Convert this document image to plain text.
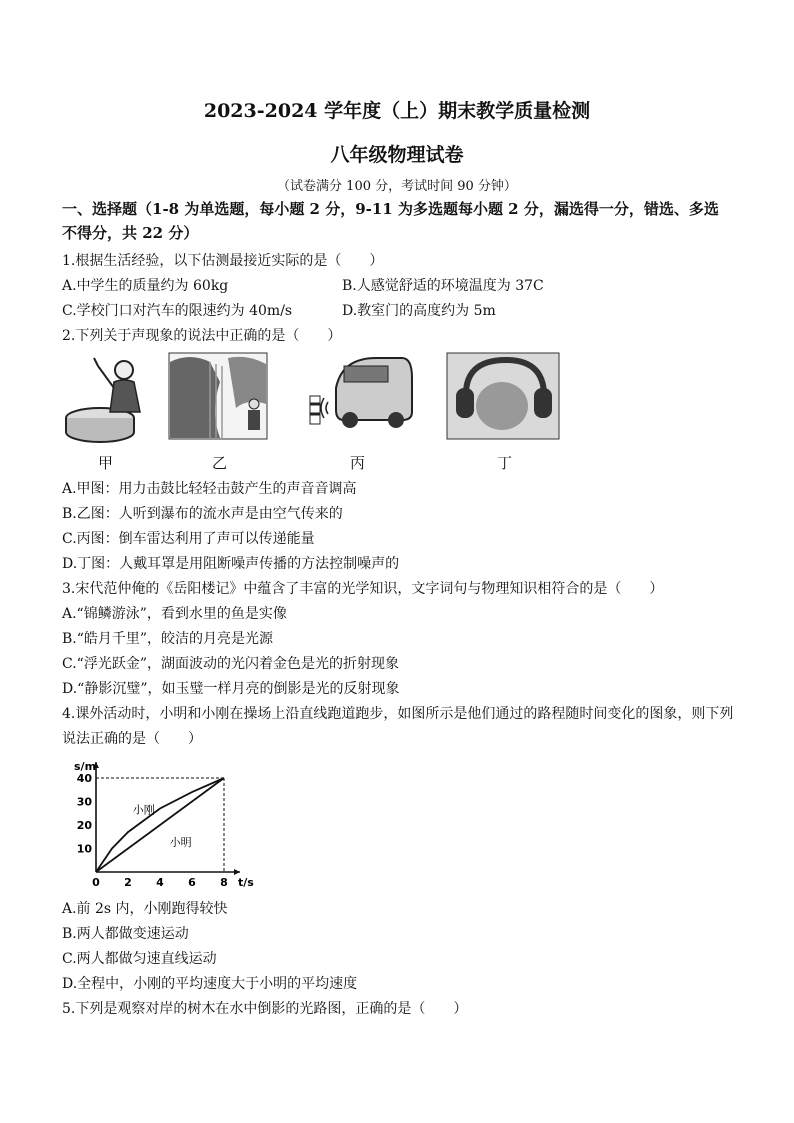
2023-2024 学年度（上）期末教学质量检测
八年级物理试卷
（试卷满分 100 分，考试时间 90 分钟）
一、选择题（1-8 为单选题，每小题 2 分，9-11 为多选题每小题 2 分，漏选得一分，错选、多选
不得分，共 22 分）
1.根据生活经验，以下估测最接近实际的是（　　）
A.中学生的质量约为 60kg	B.人感觉舒适的环境温度为 37C
C.学校门口对汽车的限速约为 40m/s	D.教室门的高度约为 5m
2.下列关于声现象的说法中正确的是（　　）
甲	乙	丙	丁
A.甲图：用力击鼓比轻轻击鼓产生的声音音调高
B.乙图：人听到瀑布的流水声是由空气传来的
C.丙图：倒车雷达利用了声可以传递能量
D.丁图：人戴耳罩是用阻断噪声传播的方法控制噪声的
3.宋代范仲俺的《岳阳楼记》中蕴含了丰富的光学知识，文字词句与物理知识相符合的是（　　）
A.“锦鳞游泳”，看到水里的鱼是实像
B.“皓月千里”，皎洁的月亮是光源
C.“浮光跃金”，湖面波动的光闪着金色是光的折射现象
D.“静影沉璧”，如玉璧一样月亮的倒影是光的反射现象
4.课外活动时，小明和小刚在操场上沿直线跑道跑步，如图所示是他们通过的路程随时间变化的图象，则下列
说法正确的是（　　）
0 2 4 6 8
10
20
30
40
小刚
小明
s/m
t/s
A.前 2s 内，小刚跑得较快
B.两人都做变速运动
C.两人都做匀速直线运动
D.全程中，小刚的平均速度大于小明的平均速度
5.下列是观察对岸的树木在水中倒影的光路图，正确的是（　　）
